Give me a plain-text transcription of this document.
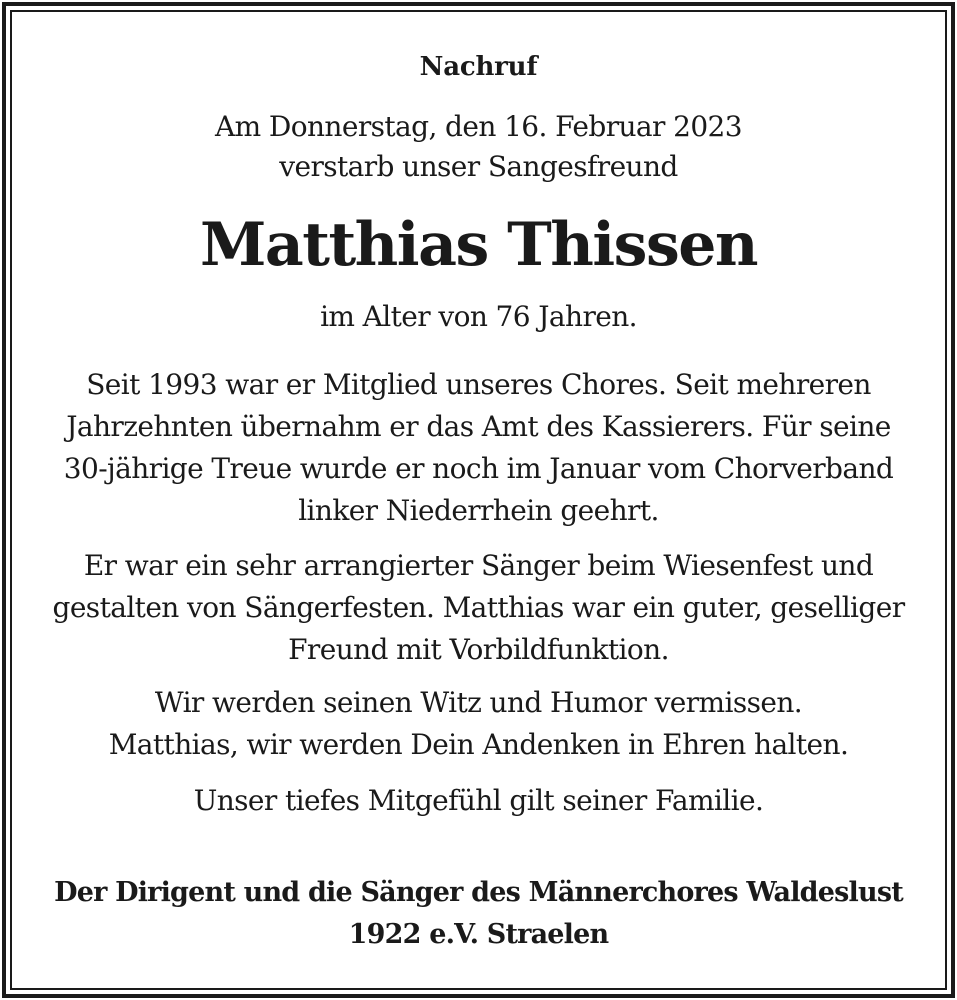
Nachruf
Am Donnerstag, den 16. Februar 2023
verstarb unser Sangesfreund
Matthias Thissen
im Alter von 76 Jahren.
Seit 1993 war er Mitglied unseres Chores. Seit mehreren
Jahrzehnten übernahm er das Amt des Kassierers. Für seine
30-jährige Treue wurde er noch im Januar vom Chorverband
linker Niederrhein geehrt.
Er war ein sehr arrangierter Sänger beim Wiesenfest und
gestalten von Sängerfesten. Matthias war ein guter, geselliger
Freund mit Vorbildfunktion.
Wir werden seinen Witz und Humor vermissen.
Matthias, wir werden Dein Andenken in Ehren halten.
Unser tiefes Mitgefühl gilt seiner Familie.
Der Dirigent und die Sänger des Männerchores Waldeslust
1922 e.V. Straelen
